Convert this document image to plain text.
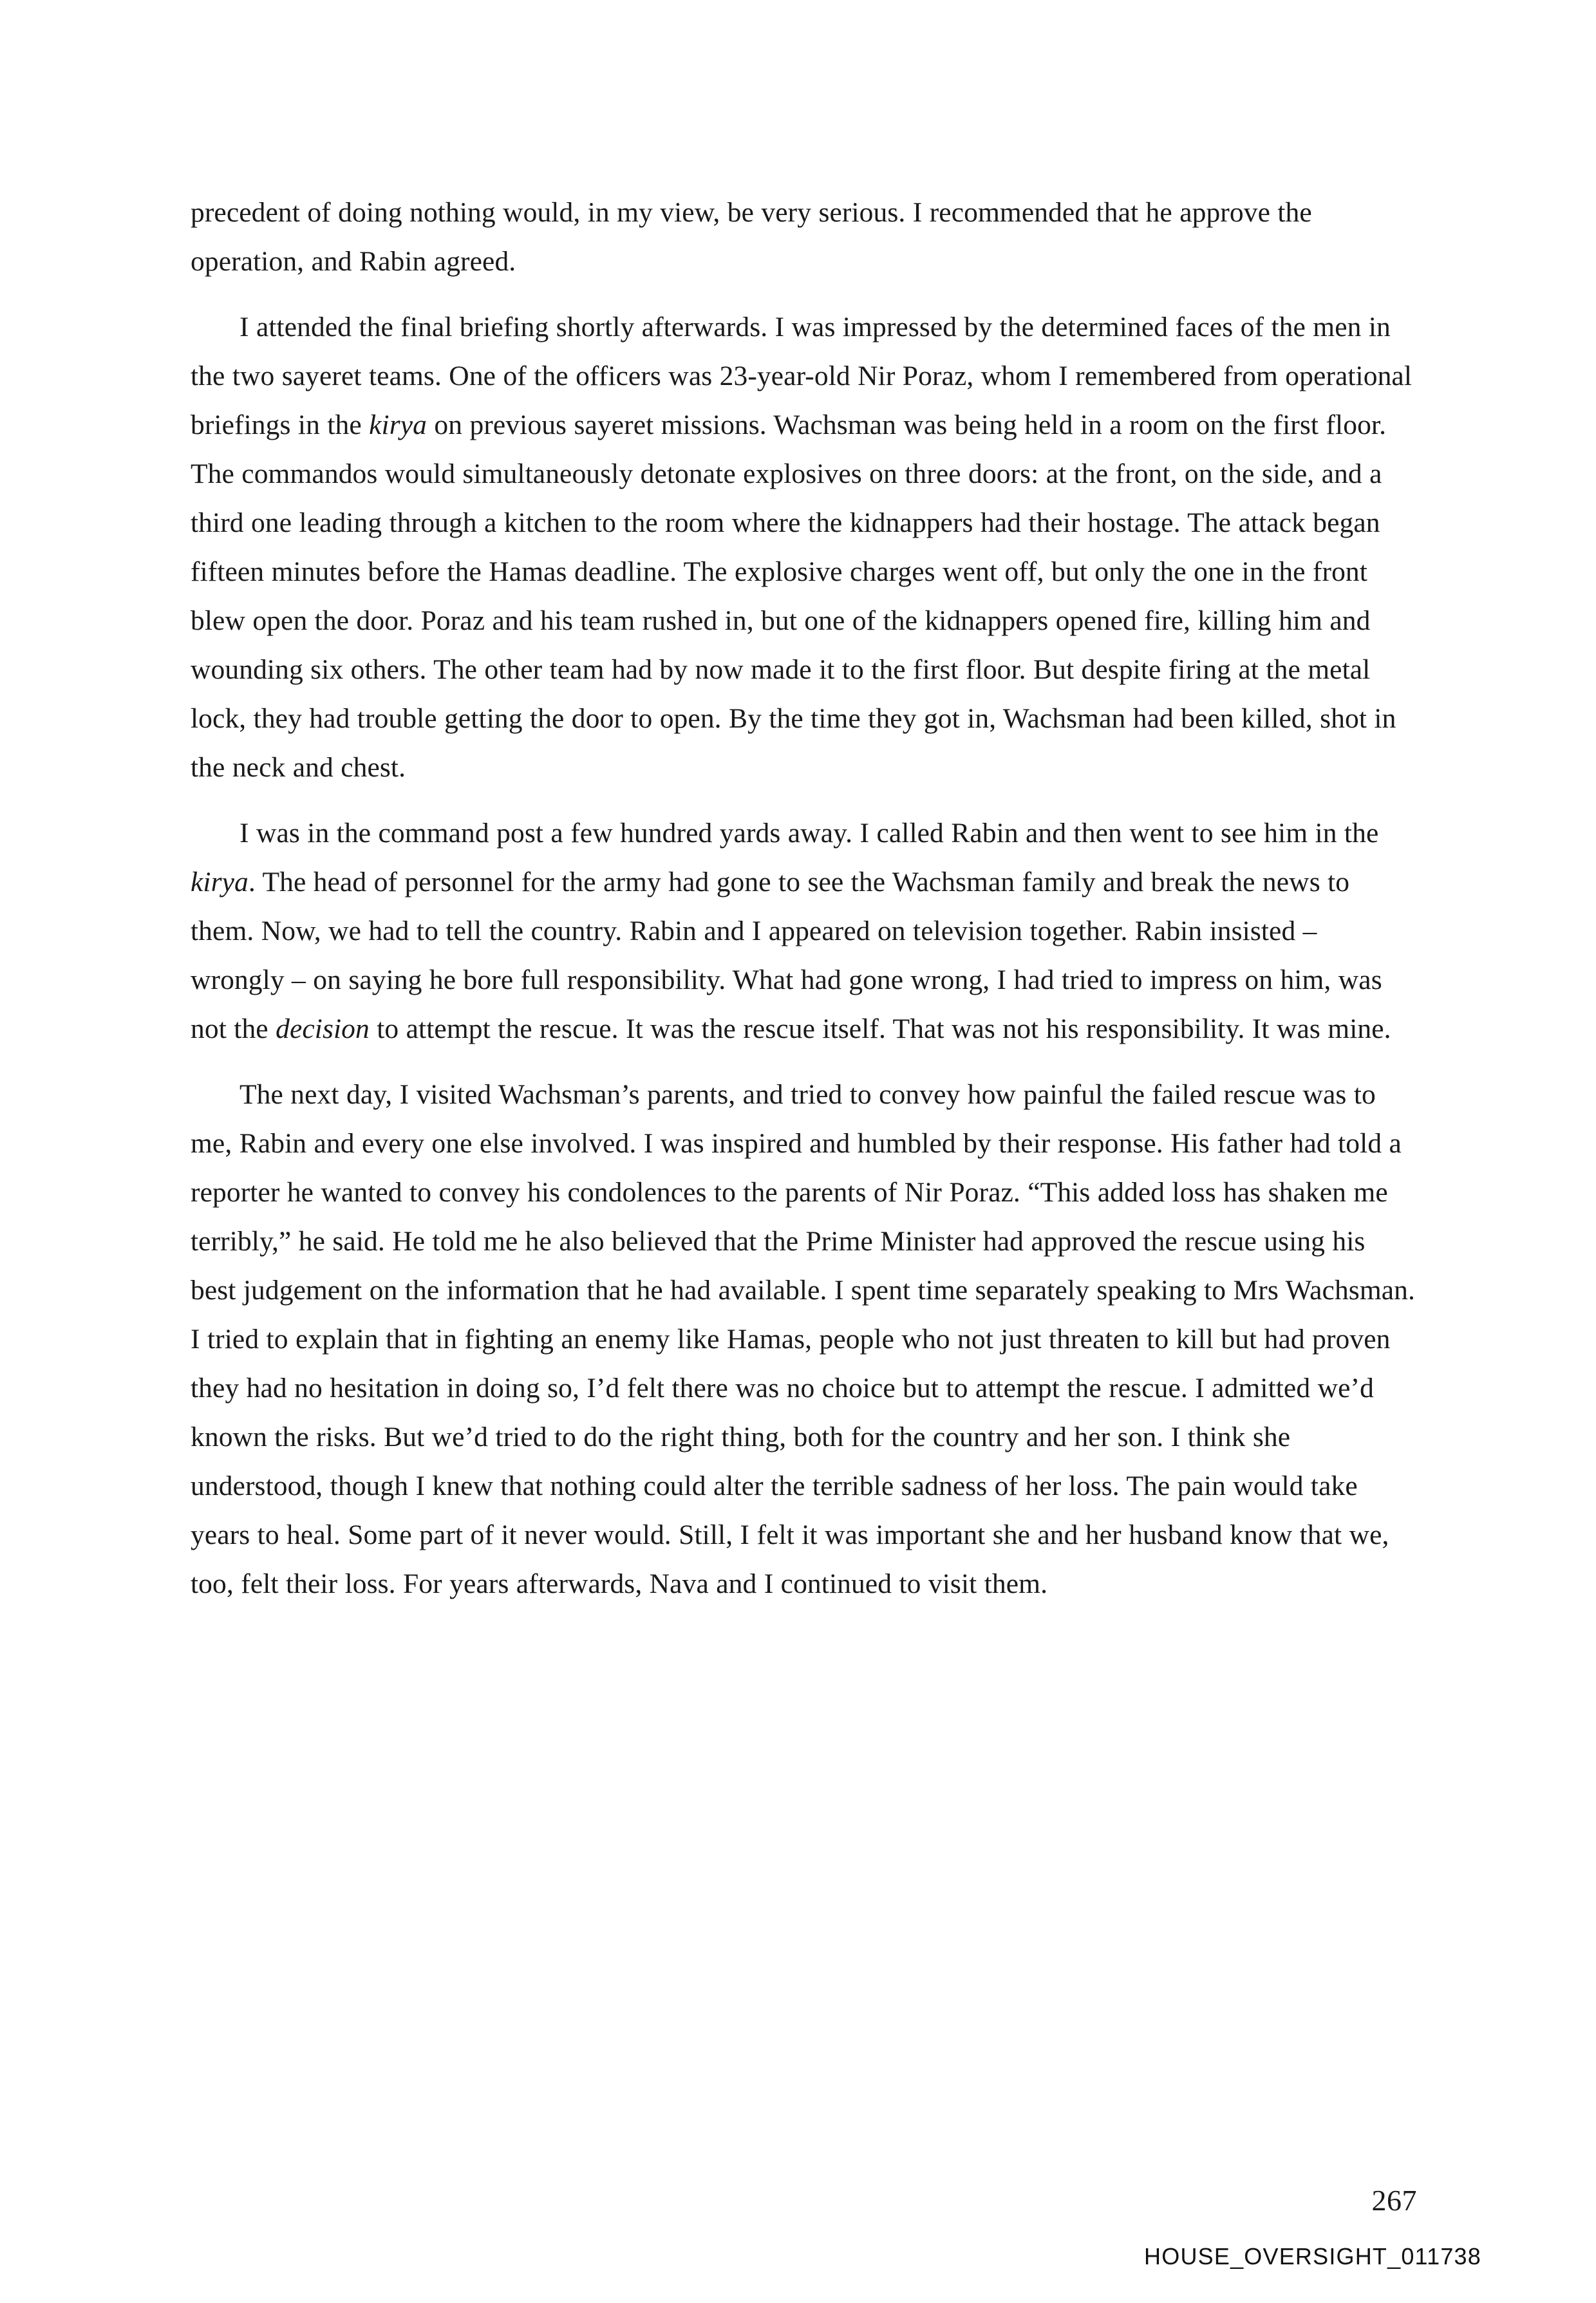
precedent of doing nothing would, in my view, be very serious. I recommended that he approve the operation, and Rabin agreed.

I attended the final briefing shortly afterwards. I was impressed by the determined faces of the men in the two sayeret teams. One of the officers was 23-year-old Nir Poraz, whom I remembered from operational briefings in the kirya on previous sayeret missions. Wachsman was being held in a room on the first floor. The commandos would simultaneously detonate explosives on three doors: at the front, on the side, and a third one leading through a kitchen to the room where the kidnappers had their hostage. The attack began fifteen minutes before the Hamas deadline. The explosive charges went off, but only the one in the front blew open the door. Poraz and his team rushed in, but one of the kidnappers opened fire, killing him and wounding six others. The other team had by now made it to the first floor. But despite firing at the metal lock, they had trouble getting the door to open. By the time they got in, Wachsman had been killed, shot in the neck and chest.

I was in the command post a few hundred yards away. I called Rabin and then went to see him in the kirya. The head of personnel for the army had gone to see the Wachsman family and break the news to them. Now, we had to tell the country. Rabin and I appeared on television together. Rabin insisted – wrongly – on saying he bore full responsibility. What had gone wrong, I had tried to impress on him, was not the decision to attempt the rescue. It was the rescue itself. That was not his responsibility. It was mine.

The next day, I visited Wachsman’s parents, and tried to convey how painful the failed rescue was to me, Rabin and every one else involved. I was inspired and humbled by their response. His father had told a reporter he wanted to convey his condolences to the parents of Nir Poraz. “This added loss has shaken me terribly,” he said. He told me he also believed that the Prime Minister had approved the rescue using his best judgement on the information that he had available. I spent time separately speaking to Mrs Wachsman. I tried to explain that in fighting an enemy like Hamas, people who not just threaten to kill but had proven they had no hesitation in doing so, I’d felt there was no choice but to attempt the rescue. I admitted we’d known the risks. But we’d tried to do the right thing, both for the country and her son. I think she understood, though I knew that nothing could alter the terrible sadness of her loss. The pain would take years to heal. Some part of it never would. Still, I felt it was important she and her husband know that we, too, felt their loss. For years afterwards, Nava and I continued to visit them.

267
HOUSE_OVERSIGHT_011738
